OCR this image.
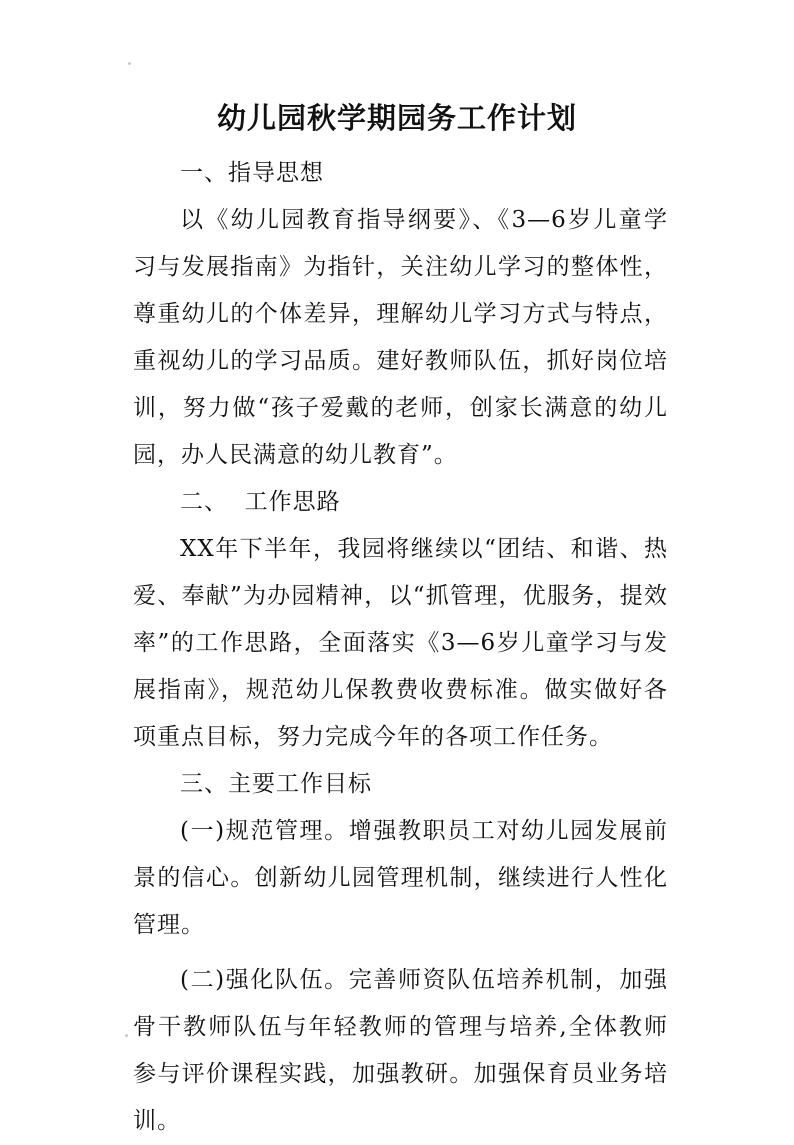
幼儿园秋学期园务工作计划

一、指导思想

以《幼儿园教育指导纲要》、《3—6岁儿童学习与发展指南》为指针，关注幼儿学习的整体性，尊重幼儿的个体差异，理解幼儿学习方式与特点，重视幼儿的学习品质。建好教师队伍，抓好岗位培训，努力做“孩子爱戴的老师，创家长满意的幼儿园，办人民满意的幼儿教育”。

二、  工作思路

XX年下半年，我园将继续以“团结、和谐、热爱、奉献”为办园精神，以“抓管理，优服务，提效率”的工作思路，全面落实《3—6岁儿童学习与发展指南》，规范幼儿保教费收费标准。做实做好各项重点目标，努力完成今年的各项工作任务。

三、主要工作目标

(一)规范管理。增强教职员工对幼儿园发展前景的信心。创新幼儿园管理机制，继续进行人性化管理。

(二)强化队伍。完善师资队伍培养机制，加强骨干教师队伍与年轻教师的管理与培养,全体教师参与评价课程实践，加强教研。加强保育员业务培训。
